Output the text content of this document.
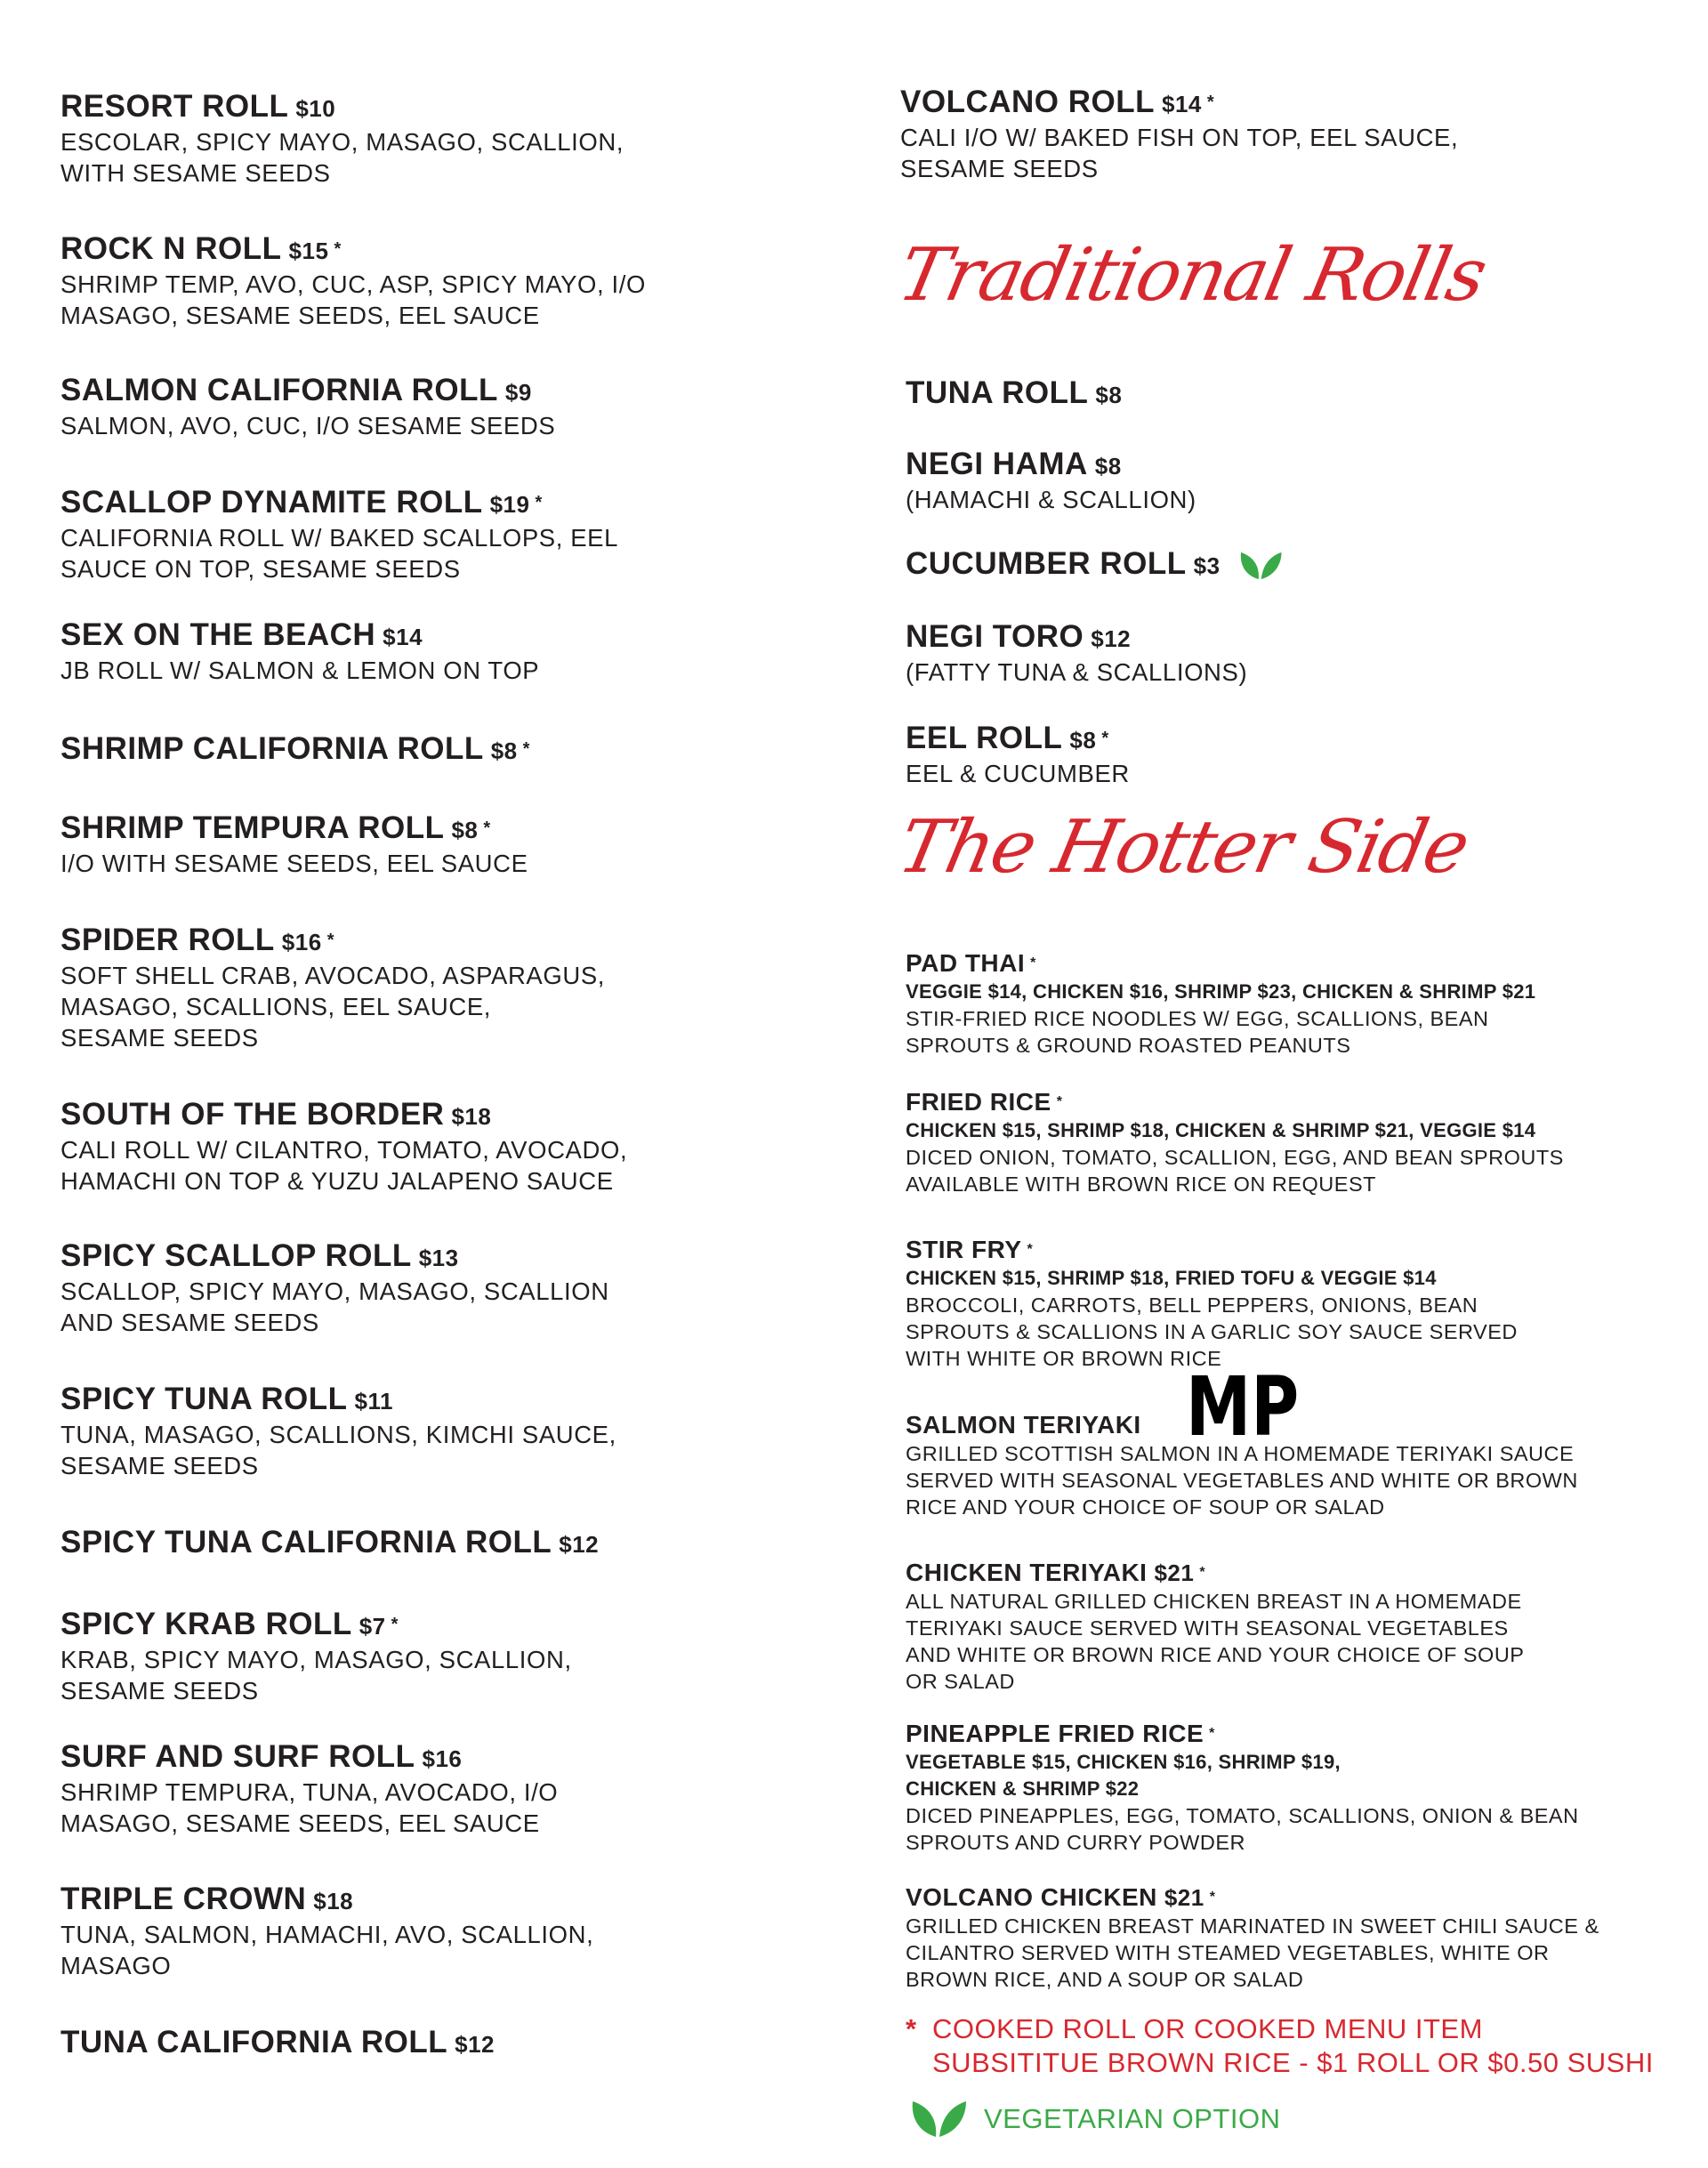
RESORT ROLL $10
ESCOLAR, SPICY MAYO, MASAGO, SCALLION,
WITH SESAME SEEDS
ROCK N ROLL $15 *
SHRIMP TEMP, AVO, CUC, ASP, SPICY MAYO, I/O
MASAGO, SESAME SEEDS, EEL SAUCE
SALMON CALIFORNIA ROLL $9
SALMON, AVO, CUC, I/O SESAME SEEDS
SCALLOP DYNAMITE ROLL $19 *
CALIFORNIA ROLL W/ BAKED SCALLOPS, EEL
SAUCE ON TOP, SESAME SEEDS
SEX ON THE BEACH $14
JB ROLL W/ SALMON & LEMON ON TOP
SHRIMP CALIFORNIA ROLL $8 *
SHRIMP TEMPURA ROLL $8 *
I/O WITH SESAME SEEDS, EEL SAUCE
SPIDER ROLL $16 *
SOFT SHELL CRAB, AVOCADO, ASPARAGUS,
MASAGO, SCALLIONS, EEL SAUCE,
SESAME SEEDS
SOUTH OF THE BORDER $18
CALI ROLL W/ CILANTRO, TOMATO, AVOCADO,
HAMACHI ON TOP & YUZU JALAPENO SAUCE
SPICY SCALLOP ROLL $13
SCALLOP, SPICY MAYO, MASAGO, SCALLION
AND SESAME SEEDS
SPICY TUNA ROLL $11
TUNA, MASAGO, SCALLIONS, KIMCHI SAUCE,
SESAME SEEDS
SPICY TUNA CALIFORNIA ROLL $12
SPICY KRAB ROLL $7 *
KRAB, SPICY MAYO, MASAGO, SCALLION,
SESAME SEEDS
SURF AND SURF ROLL $16
SHRIMP TEMPURA, TUNA, AVOCADO, I/O
MASAGO, SESAME SEEDS, EEL SAUCE
TRIPLE CROWN $18
TUNA, SALMON, HAMACHI, AVO, SCALLION,
MASAGO
TUNA CALIFORNIA ROLL $12
VOLCANO ROLL $14 *
CALI I/O W/ BAKED FISH ON TOP, EEL SAUCE,
SESAME SEEDS
TUNA ROLL $8
NEGI HAMA $8
(HAMACHI & SCALLION)
CUCUMBER ROLL $3
NEGI TORO $12
(FATTY TUNA & SCALLIONS)
EEL ROLL $8 *
EEL & CUCUMBER
PAD THAI *
VEGGIE $14, CHICKEN $16, SHRIMP $23, CHICKEN & SHRIMP $21
STIR-FRIED RICE NOODLES W/ EGG, SCALLIONS, BEAN
SPROUTS & GROUND ROASTED PEANUTS
FRIED RICE *
CHICKEN $15, SHRIMP $18, CHICKEN & SHRIMP $21, VEGGIE $14
DICED ONION, TOMATO, SCALLION, EGG, AND BEAN SPROUTS
AVAILABLE WITH BROWN RICE ON REQUEST
STIR FRY *
CHICKEN $15, SHRIMP $18, FRIED TOFU & VEGGIE $14
BROCCOLI, CARROTS, BELL PEPPERS, ONIONS, BEAN
SPROUTS & SCALLIONS IN A GARLIC SOY SAUCE SERVED
WITH WHITE OR BROWN RICE
SALMON TERIYAKI
GRILLED SCOTTISH SALMON IN A HOMEMADE TERIYAKI SAUCE
SERVED WITH SEASONAL VEGETABLES AND WHITE OR BROWN
RICE AND YOUR CHOICE OF SOUP OR SALAD
CHICKEN TERIYAKI $21 *
ALL NATURAL GRILLED CHICKEN BREAST IN A HOMEMADE
TERIYAKI SAUCE SERVED WITH SEASONAL VEGETABLES
AND WHITE OR BROWN RICE AND YOUR CHOICE OF SOUP
OR SALAD
PINEAPPLE FRIED RICE *
VEGETABLE $15, CHICKEN $16, SHRIMP $19,
CHICKEN & SHRIMP $22
DICED PINEAPPLES, EGG, TOMATO, SCALLIONS, ONION & BEAN
SPROUTS AND CURRY POWDER
VOLCANO CHICKEN $21 *
GRILLED CHICKEN BREAST MARINATED IN SWEET CHILI SAUCE &
CILANTRO SERVED WITH STEAMED VEGETABLES, WHITE OR
BROWN RICE, AND A SOUP OR SALAD
Traditional Rolls
The Hotter Side
MP
* COOKED ROLL OR COOKED MENU ITEM
SUBSITITUE BROWN RICE - $1 ROLL OR $0.50 SUSHI
VEGETARIAN OPTION
